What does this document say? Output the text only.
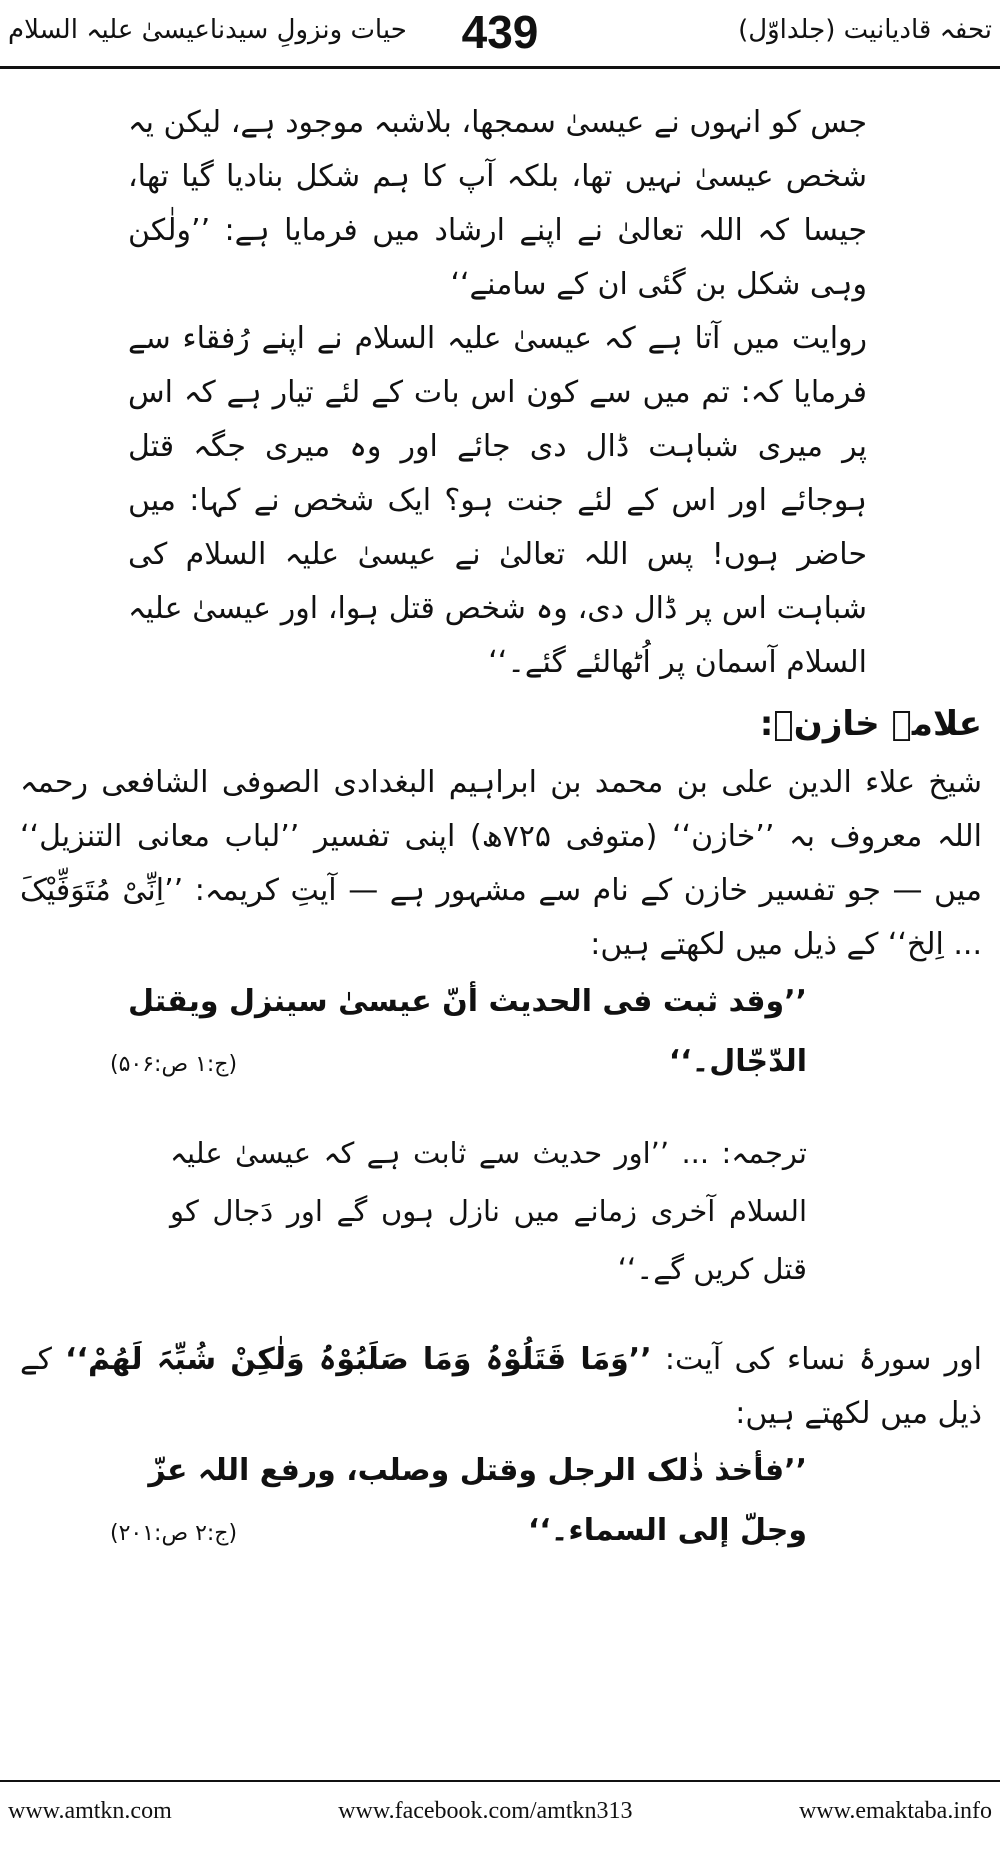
تحفہ قادیانیت (جلداوّل)
439
حیات ونزولِ سیدناعیسیٰ علیہ السلام

جس کو انہوں نے عیسیٰ سمجھا، بلاشبہ موجود ہے، لیکن یہ شخص عیسیٰ نہیں تھا، بلکہ آپ کا ہم شکل بنادیا گیا تھا، جیسا کہ اللہ تعالیٰ نے اپنے ارشاد میں فرمایا ہے: ’’ولٰکن وہی شکل بن گئی ان کے سامنے‘‘

روایت میں آتا ہے کہ عیسیٰ علیہ السلام نے اپنے رُفقاء سے فرمایا کہ: تم میں سے کون اس بات کے لئے تیار ہے کہ اس پر میری شباہت ڈال دی جائے اور وہ میری جگہ قتل ہوجائے اور اس کے لئے جنت ہو؟ ایک شخص نے کہا: میں حاضر ہوں! پس اللہ تعالیٰ نے عیسیٰ علیہ السلام کی شباہت اس پر ڈال دی، وہ شخص قتل ہوا، اور عیسیٰ علیہ السلام آسمان پر اُٹھالئے گئے۔‘‘

علامہ خازنؒ:

شیخ علاء الدین علی بن محمد بن ابراہیم البغدادی الصوفی الشافعی رحمہ اللہ معروف بہ ’’خازن‘‘ (متوفی ۷۲۵ھ) اپنی تفسیر ’’لباب معانی التنزیل‘‘ میں — جو تفسیر خازن کے نام سے مشہور ہے — آیتِ کریمہ: ’’اِنِّیْ مُتَوَفِّیْکَ ... اِلخ‘‘ کے ذیل میں لکھتے ہیں:

’’وقد ثبت فی الحدیث أنّ عیسیٰ سینزل ویقتل
الدّجّال۔‘‘
(ج:۱ ص:۵۰۶)

ترجمہ: ... ’’اور حدیث سے ثابت ہے کہ عیسیٰ علیہ السلام آخری زمانے میں نازل ہوں گے اور دَجال کو قتل کریں گے۔‘‘

اور سورۂ نساء کی آیت: ’’وَمَا قَتَلُوْہُ وَمَا صَلَبُوْہُ وَلٰکِنْ شُبِّہَ لَھُمْ‘‘ کے ذیل میں لکھتے ہیں:

’’فأخذ ذٰلک الرجل وقتل وصلب، ورفع اللہ عزّ
وجلّ إلی السماء۔‘‘
(ج:۲ ص:۲۰۱)
www.amtkn.com	www.facebook.com/amtkn313	www.emaktaba.info
